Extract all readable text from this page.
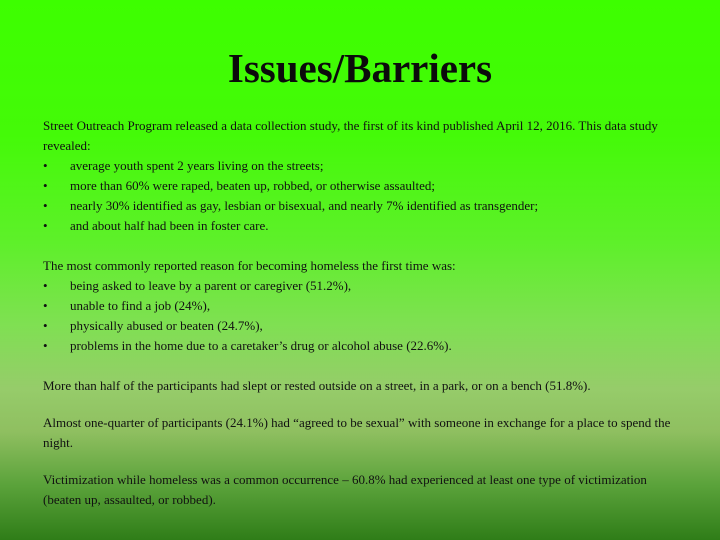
Issues/Barriers

Street Outreach Program released a data collection study, the first of its kind published April 12, 2016. This data study revealed:

• average youth spent 2 years living on the streets;
• more than 60% were raped, beaten up, robbed, or otherwise assaulted;
• nearly 30% identified as gay, lesbian or bisexual, and nearly 7% identified as transgender;
• and about half had been in foster care.

The most commonly reported reason for becoming homeless the first time was:

• being asked to leave by a parent or caregiver (51.2%),
• unable to find a job (24%),
• physically abused or beaten (24.7%),
• problems in the home due to a caretaker’s drug or alcohol abuse (22.6%).

More than half of the participants had slept or rested outside on a street, in a park, or on a bench (51.8%).

Almost one-quarter of participants (24.1%) had “agreed to be sexual” with someone in exchange for a place to spend the night.

Victimization while homeless was a common occurrence – 60.8% had experienced at least one type of victimization (beaten up, assaulted, or robbed).
